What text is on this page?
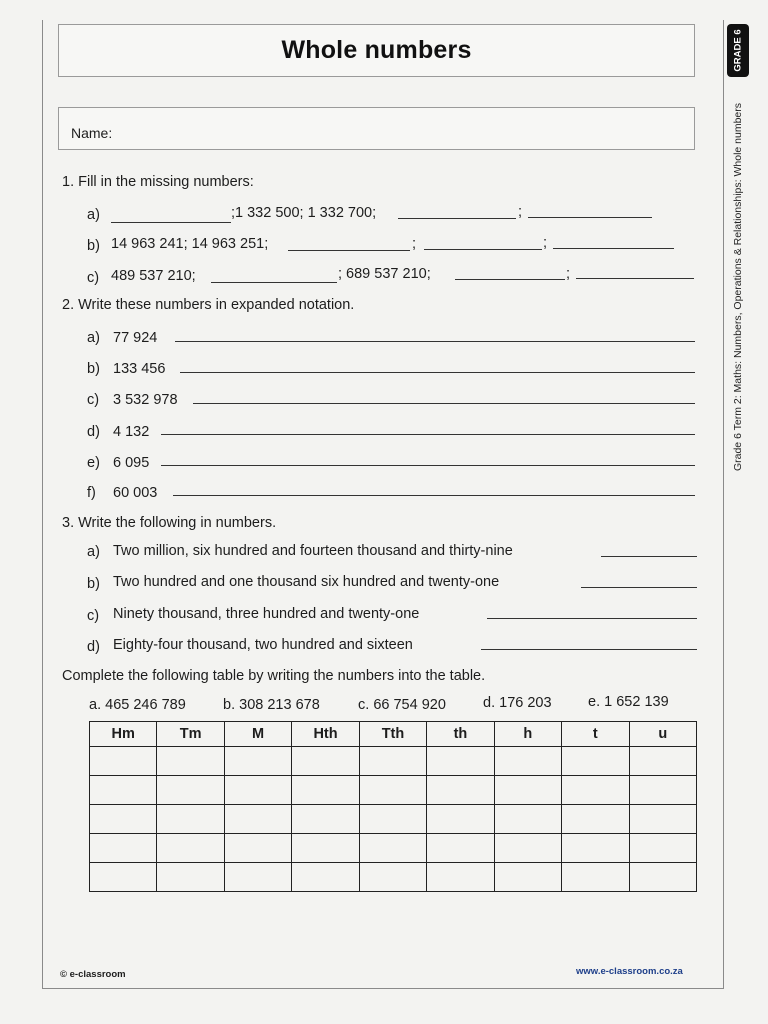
Whole numbers
Name:
GRADE 6
Grade 6 Term 2: Maths: Numbers, Operations & Relationships: Whole numbers
1. Fill in the missing numbers:
a)	;1 332 500; 1 332 700;	;
b) 14 963 241; 14 963 251;	;	;
c) 489 537 210;	; 689 537 210;	;
2. Write these numbers in expanded notation.
a) 77 924
b) 133 456
c) 3 532 978
d) 4 132
e) 6 095
f) 60 003
3. Write the following in numbers.
a) Two million, six hundred and fourteen thousand and thirty-nine
b) Two hundred and one thousand six hundred and twenty-one
c) Ninety thousand, three hundred and twenty-one
d) Eighty-four thousand, two hundred and sixteen
Complete the following table by writing the numbers into the table.
a. 465 246 789	b. 308 213 678	c. 66 754 920	d. 176 203	e. 1 652 139
Hm	Tm	M	Hth	Tth	th	h	t	u

© e-classroom	www.e-classroom.co.za
